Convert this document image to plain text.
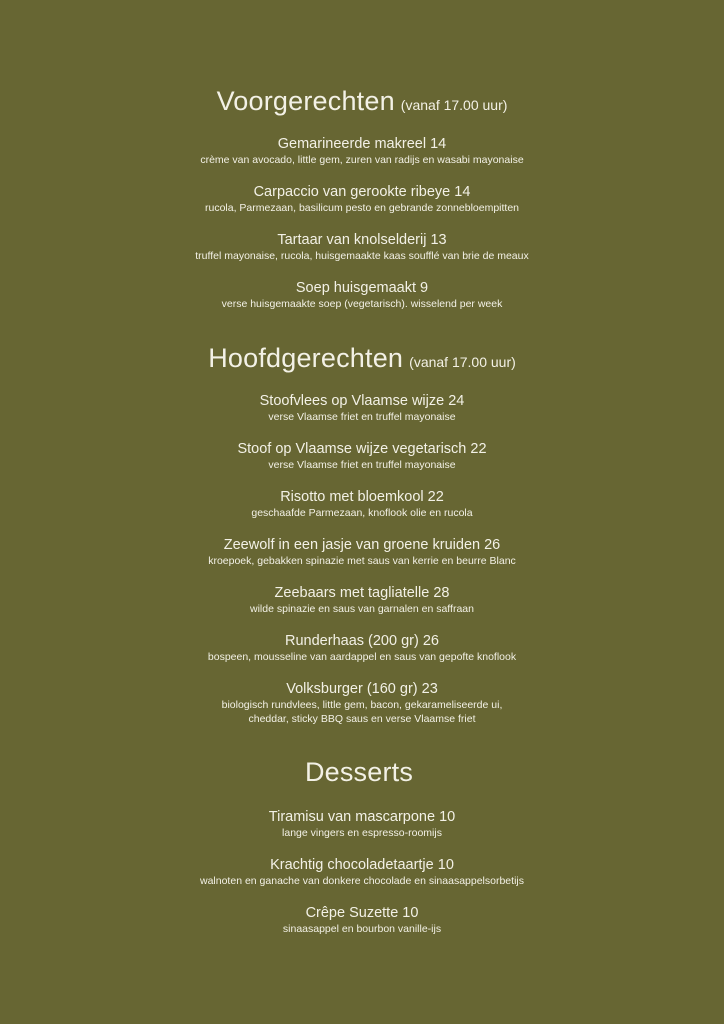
Voorgerechten (vanaf 17.00 uur)
Gemarineerde makreel 14
crème van avocado, little gem, zuren van radijs en wasabi mayonaise
Carpaccio van gerookte ribeye 14
rucola, Parmezaan, basilicum pesto en gebrande zonnebloempitten
Tartaar van knolselderij 13
truffel mayonaise, rucola, huisgemaakte kaas soufflé van brie de meaux
Soep huisgemaakt 9
verse huisgemaakte soep (vegetarisch). wisselend per week
Hoofdgerechten (vanaf 17.00 uur)
Stoofvlees op Vlaamse wijze 24
verse Vlaamse friet en truffel mayonaise
Stoof op Vlaamse wijze vegetarisch 22
verse Vlaamse friet en truffel mayonaise
Risotto met bloemkool 22
geschaafde Parmezaan, knoflook olie en rucola
Zeewolf in een jasje van groene kruiden 26
kroepoek, gebakken spinazie met saus van kerrie en beurre Blanc
Zeebaars met tagliatelle 28
wilde spinazie en saus van garnalen en saffraan
Runderhaas (200 gr) 26
bospeen, mousseline van aardappel en saus van gepofte knoflook
Volksburger (160 gr) 23
biologisch rundvlees, little gem, bacon, gekarameliseerde ui,
cheddar, sticky BBQ saus en verse Vlaamse friet
Desserts
Tiramisu van mascarpone 10
lange vingers en espresso-roomijs
Krachtig chocoladetaartje 10
walnoten en ganache van donkere chocolade en sinaasappelsorbetijs
Crêpe Suzette 10
sinaasappel en bourbon vanille-ijs
